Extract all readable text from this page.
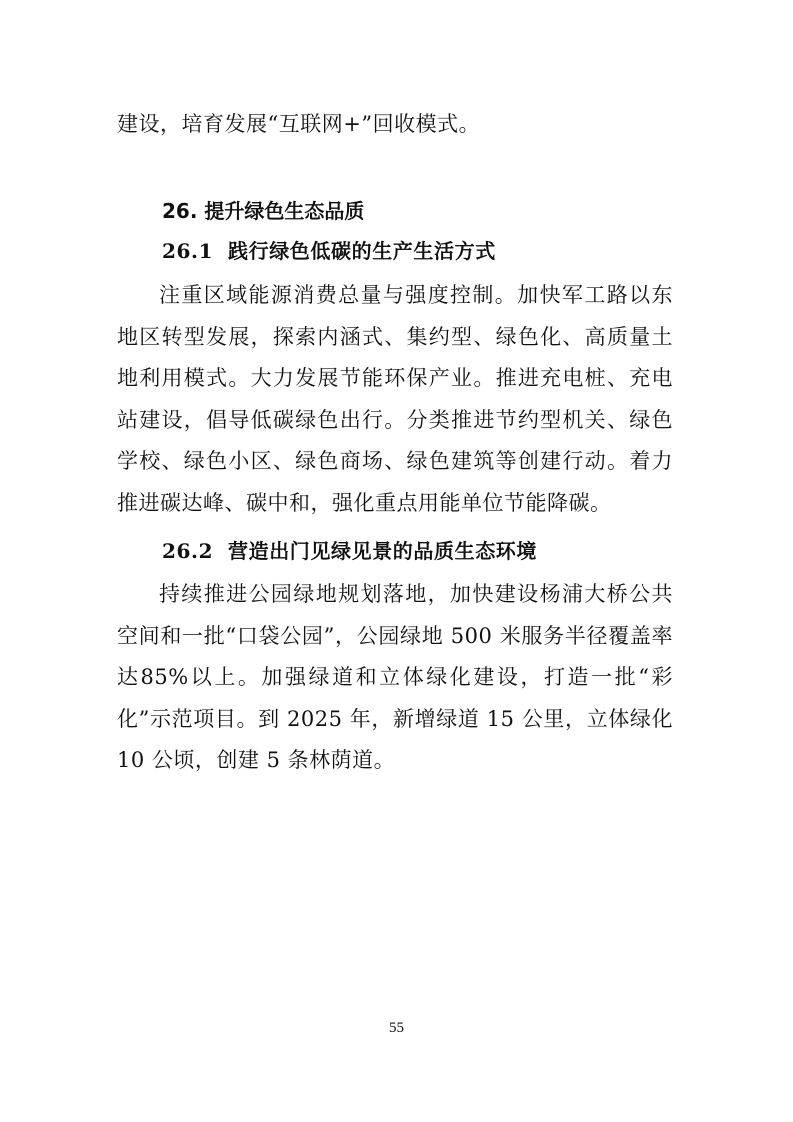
建设，培育发展“互联网+”回收模式。

26. 提升绿色生态品质
26.1 践行绿色低碳的生产生活方式

注重区域能源消费总量与强度控制。加快军工路以东地区转型发展，探索内涵式、集约型、绿色化、高质量土地利用模式。大力发展节能环保产业。推进充电桩、充电站建设，倡导低碳绿色出行。分类推进节约型机关、绿色学校、绿色小区、绿色商场、绿色建筑等创建行动。着力推进碳达峰、碳中和，强化重点用能单位节能降碳。

26.2 营造出门见绿见景的品质生态环境

持续推进公园绿地规划落地，加快建设杨浦大桥公共空间和一批“口袋公园”，公园绿地 500 米服务半径覆盖率达85%以上。加强绿道和立体绿化建设，打造一批“彩化”示范项目。到 2025 年，新增绿道 15 公里，立体绿化 10 公顷，创建 5 条林荫道。

55
